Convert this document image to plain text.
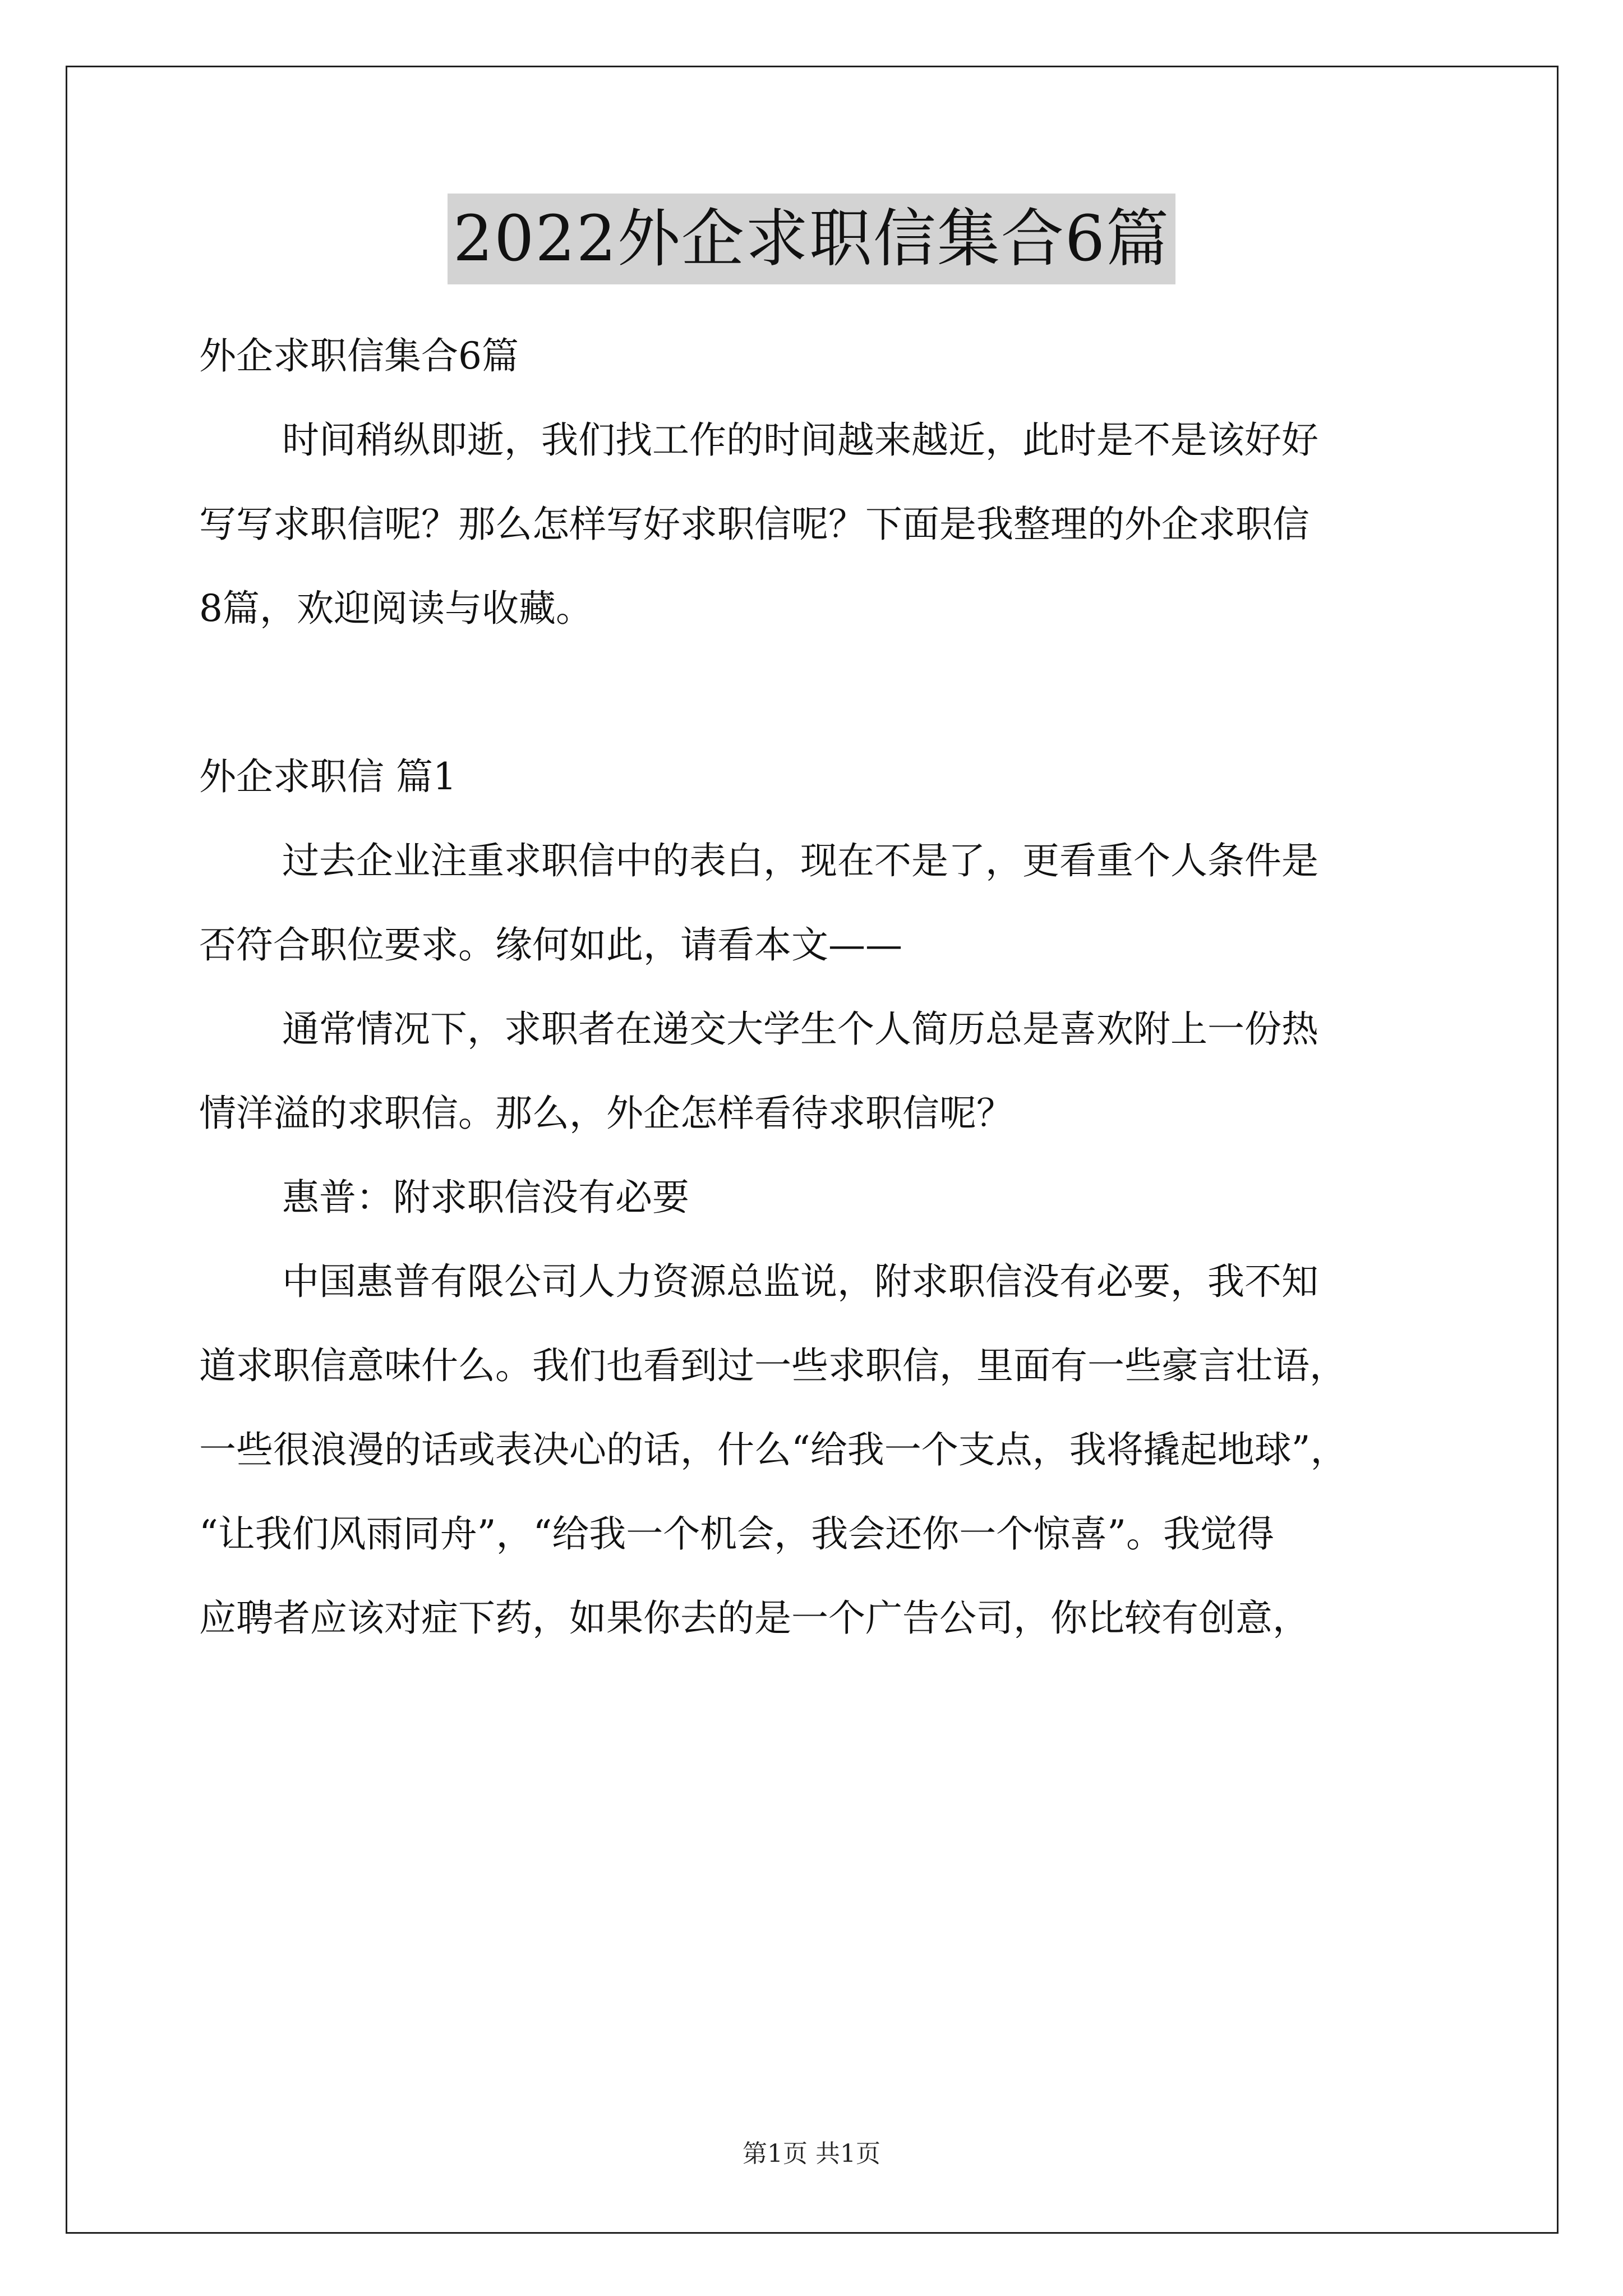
2022外企求职信集合6篇

外企求职信集合6篇

时间稍纵即逝，我们找工作的时间越来越近，此时是不是该好好

写写求职信呢？那么怎样写好求职信呢？下面是我整理的外企求职信

8篇，欢迎阅读与收藏。

外企求职信 篇1

过去企业注重求职信中的表白，现在不是了，更看重个人条件是

否符合职位要求。缘何如此，请看本文——

通常情况下，求职者在递交大学生个人简历总是喜欢附上一份热

情洋溢的求职信。那么，外企怎样看待求职信呢？

惠普：附求职信没有必要

中国惠普有限公司人力资源总监说，附求职信没有必要，我不知

道求职信意味什么。我们也看到过一些求职信，里面有一些豪言壮语，

一些很浪漫的话或表决心的话，什么“给我一个支点，我将撬起地球”，

“让我们风雨同舟”，“给我一个机会，我会还你一个惊喜”。我觉得

应聘者应该对症下药，如果你去的是一个广告公司，你比较有创意，

第1页 共1页
